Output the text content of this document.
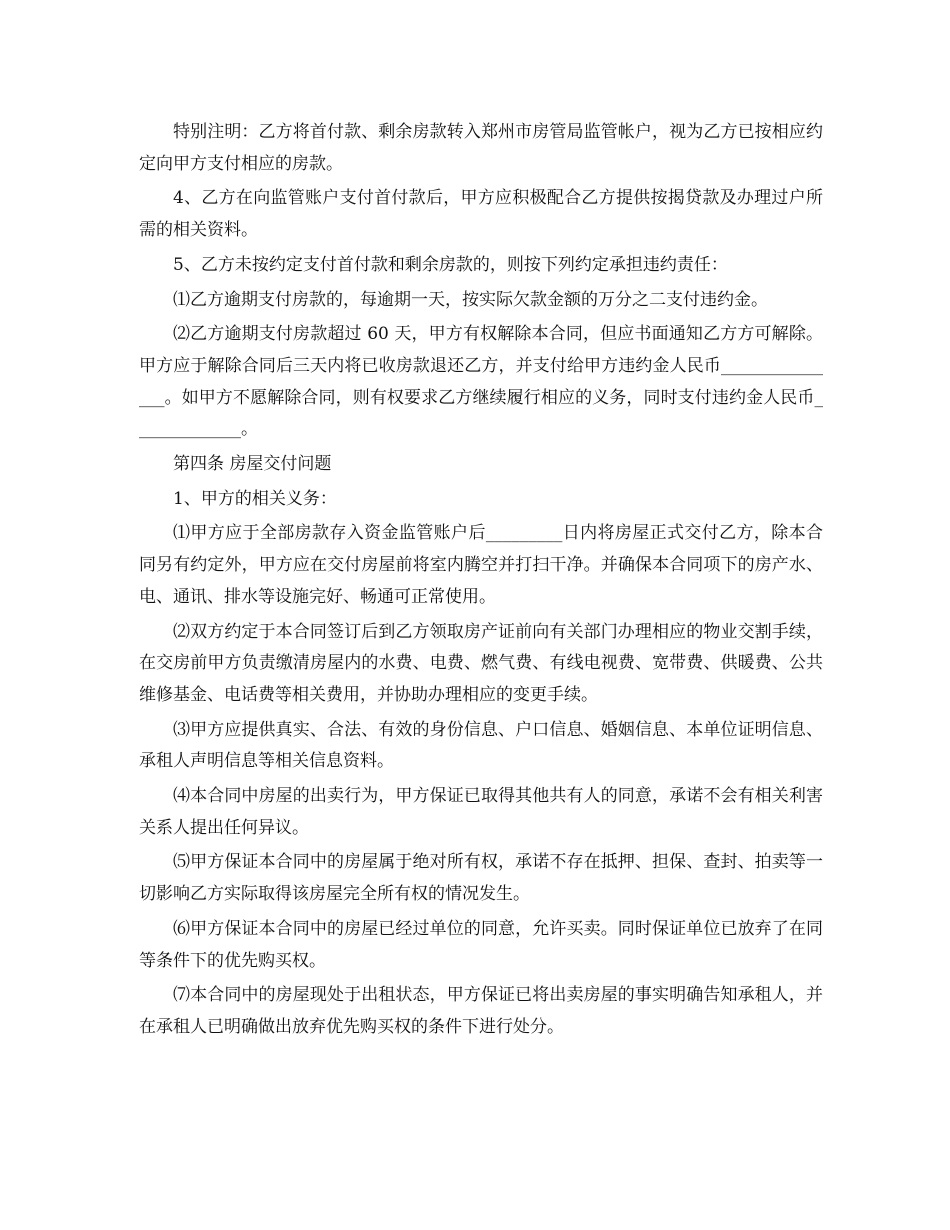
特别注明：乙方将首付款、剩余房款转入郑州市房管局监管帐户，视为乙方已按相应约定向甲方支付相应的房款。

4、乙方在向监管账户支付首付款后，甲方应积极配合乙方提供按揭贷款及办理过户所需的相关资料。

5、乙方未按约定支付首付款和剩余房款的，则按下列约定承担违约责任：

⑴乙方逾期支付房款的，每逾期一天，按实际欠款金额的万分之二支付违约金。

⑵乙方逾期支付房款超过 60 天，甲方有权解除本合同，但应书面通知乙方方可解除。甲方应于解除合同后三天内将已收房款退还乙方，并支付给甲方违约金人民币_______________。如甲方不愿解除合同，则有权要求乙方继续履行相应的义务，同时支付违约金人民币_____________。

第四条 房屋交付问题

1、甲方的相关义务：

⑴甲方应于全部房款存入资金监管账户后_________日内将房屋正式交付乙方，除本合同另有约定外，甲方应在交付房屋前将室内腾空并打扫干净。并确保本合同项下的房产水、电、通讯、排水等设施完好、畅通可正常使用。

⑵双方约定于本合同签订后到乙方领取房产证前向有关部门办理相应的物业交割手续，在交房前甲方负责缴清房屋内的水费、电费、燃气费、有线电视费、宽带费、供暖费、公共维修基金、电话费等相关费用，并协助办理相应的变更手续。

⑶甲方应提供真实、合法、有效的身份信息、户口信息、婚姻信息、本单位证明信息、承租人声明信息等相关信息资料。

⑷本合同中房屋的出卖行为，甲方保证已取得其他共有人的同意，承诺不会有相关利害关系人提出任何异议。

⑸甲方保证本合同中的房屋属于绝对所有权，承诺不存在抵押、担保、查封、拍卖等一切影响乙方实际取得该房屋完全所有权的情况发生。

⑹甲方保证本合同中的房屋已经过单位的同意，允许买卖。同时保证单位已放弃了在同等条件下的优先购买权。

⑺本合同中的房屋现处于出租状态，甲方保证已将出卖房屋的事实明确告知承租人，并在承租人已明确做出放弃优先购买权的条件下进行处分。
